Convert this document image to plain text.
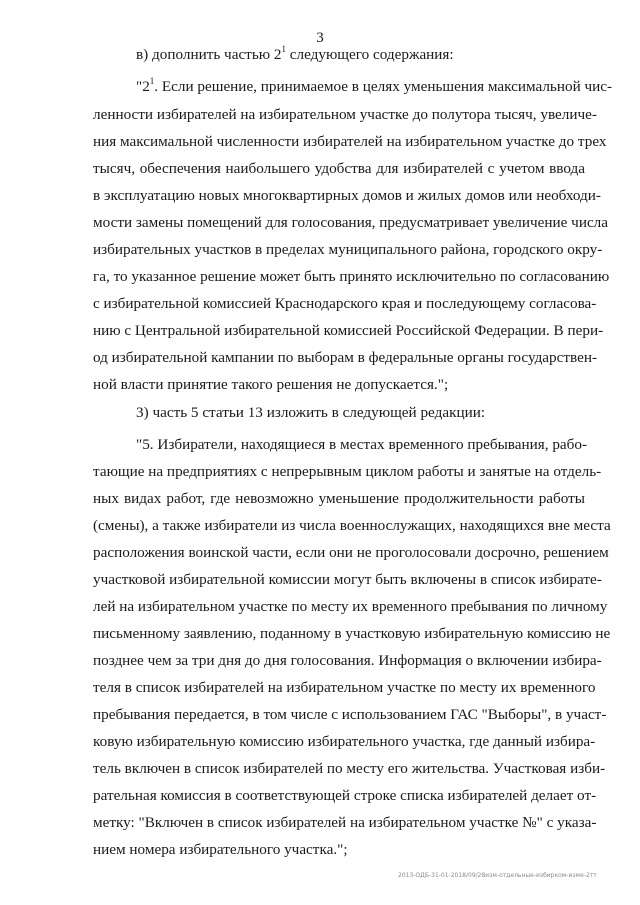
3
в) дополнить частью $2^1$ следующего содержания:
"$2^1$. Если решение, принимаемое в целях уменьшения максимальной чис-
ленности избирателей на избирательном участке до полутора тысяч, увеличе-
ния максимальной численности избирателей на избирательном участке до трех
тысяч, обеспечения наибольшего удобства для избирателей с учетом ввода
в эксплуатацию новых многоквартирных домов и жилых домов или необходи-
мости замены помещений для голосования, предусматривает увеличение числа
избирательных участков в пределах муниципального района, городского окру-
га, то указанное решение может быть принято исключительно по согласованию
с избирательной комиссией Краснодарского края и последующему согласова-
нию с Центральной избирательной комиссией Российской Федерации. В пери-
од избирательной кампании по выборам в федеральные органы государствен-
ной власти принятие такого решения не допускается.";
3) часть 5 статьи 13 изложить в следующей редакции:
"5. Избиратели, находящиеся в местах временного пребывания, рабо-
тающие на предприятиях с непрерывным циклом работы и занятые на отдель-
ных видах работ, где невозможно уменьшение продолжительности работы
(смены), а также избиратели из числа военнослужащих, находящихся вне места
расположения воинской части, если они не проголосовали досрочно, решением
участковой избирательной комиссии могут быть включены в список избирате-
лей на избирательном участке по месту их временного пребывания по личному
письменному заявлению, поданному в участковую избирательную комиссию не
позднее чем за три дня до дня голосования. Информация о включении избира-
теля в список избирателей на избирательном участке по месту их временного
пребывания передается, в том числе с использованием ГАС "Выборы", в участ-
ковую избирательную комиссию избирательного участка, где данный избира-
тель включен в список избирателей по месту его жительства. Участковая изби-
рательная комиссия в соответствующей строке списка избирателей делает от-
метку: "Включен в список избирателей на избирательном участке №" с указа-
нием номера избирательного участка.";
2013-ОДБ-31-01-2018/09/28изм-отдельные-избирком-изме-2тт
